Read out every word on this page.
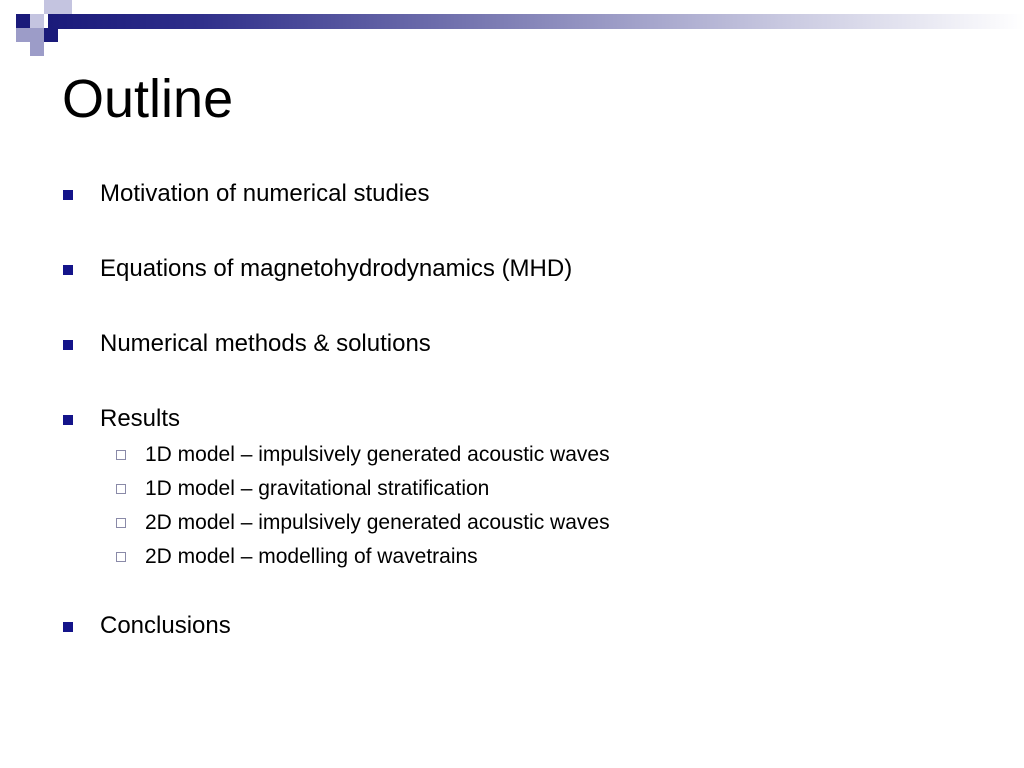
Outline
Motivation of numerical studies
Equations of magnetohydrodynamics (MHD)
Numerical methods & solutions
Results
1D model – impulsively generated acoustic waves
1D model – gravitational stratification
2D model – impulsively generated acoustic waves
2D model – modelling of wavetrains
Conclusions
